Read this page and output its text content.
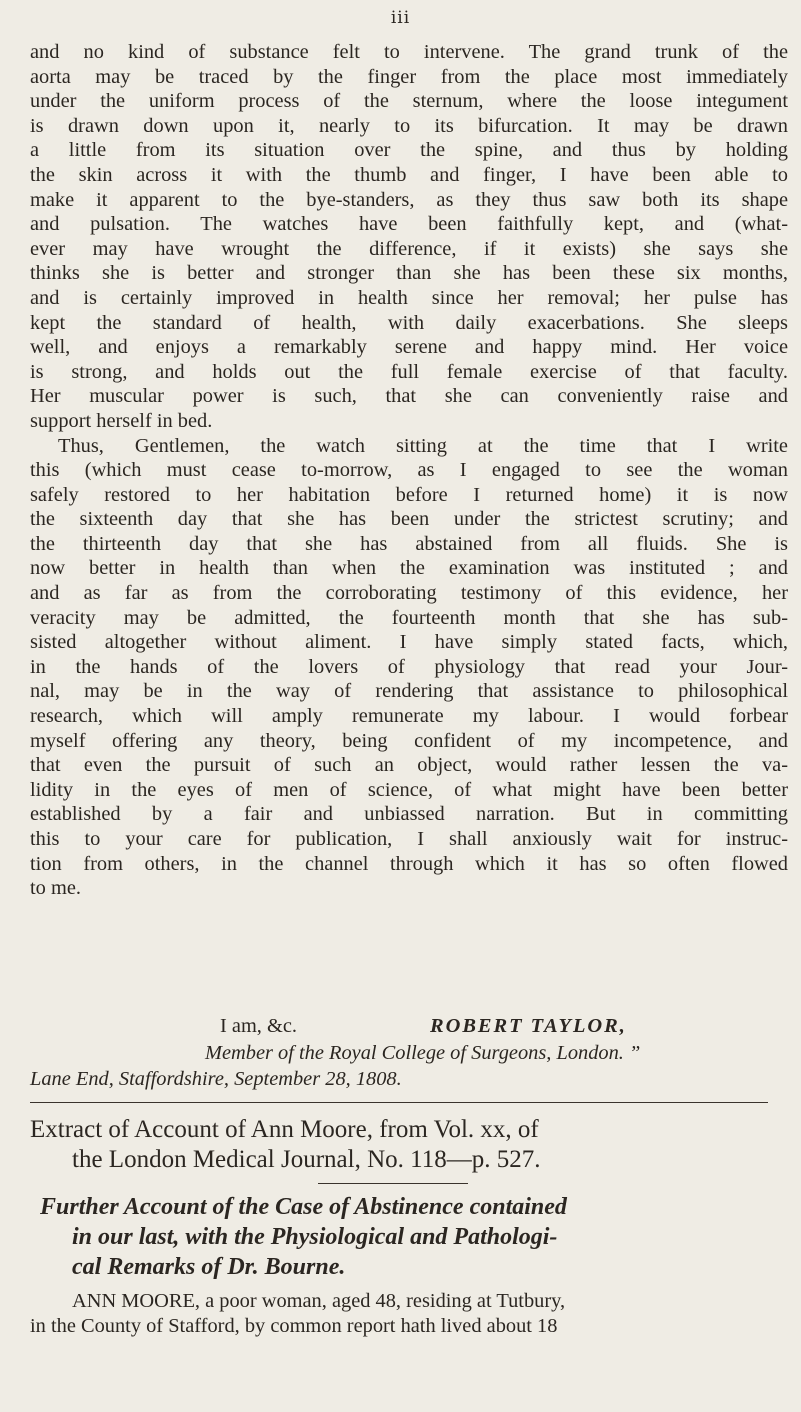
iii
and no kind of substance felt to intervene. The grand trunk of the
aorta may be traced by the finger from the place most immediately
under the uniform process of the sternum, where the loose integument
is drawn down upon it, nearly to its bifurcation. It may be drawn
a little from its situation over the spine, and thus by holding
the skin across it with the thumb and finger, I have been able to
make it apparent to the bye-standers, as they thus saw both its shape
and pulsation. The watches have been faithfully kept, and (what-
ever may have wrought the difference, if it exists) she says she
thinks she is better and stronger than she has been these six months,
and is certainly improved in health since her removal; her pulse has
kept the standard of health, with daily exacerbations. She sleeps
well, and enjoys a remarkably serene and happy mind. Her voice
is strong, and holds out the full female exercise of that faculty.
Her muscular power is such, that she can conveniently raise and
support herself in bed.
Thus, Gentlemen, the watch sitting at the time that I write
this (which must cease to-morrow, as I engaged to see the woman
safely restored to her habitation before I returned home) it is now
the sixteenth day that she has been under the strictest scrutiny; and
the thirteenth day that she has abstained from all fluids. She is
now better in health than when the examination was instituted ; and
and as far as from the corroborating testimony of this evidence, her
veracity may be admitted, the fourteenth month that she has sub-
sisted altogether without aliment. I have simply stated facts, which,
in the hands of the lovers of physiology that read your Jour-
nal, may be in the way of rendering that assistance to philosophical
research, which will amply remunerate my labour. I would forbear
myself offering any theory, being confident of my incompetence, and
that even the pursuit of such an object, would rather lessen the va-
lidity in the eyes of men of science, of what might have been better
established by a fair and unbiassed narration. But in committing
this to your care for publication, I shall anxiously wait for instruc-
tion from others, in the channel through which it has so often flowed
to me.
I am, &c.	ROBERT TAYLOR,
Member of the Royal College of Surgeons, London. ”
Lane End, Staffordshire, September 28, 1808.
Extract of Account of Ann Moore, from Vol. xx, of
the London Medical Journal, No. 118—p. 527.
Further Account of the Case of Abstinence contained
in our last, with the Physiological and Pathologi-
cal Remarks of Dr. Bourne.
ANN MOORE, a poor woman, aged 48, residing at Tutbury,
in the County of Stafford, by common report hath lived about 18
